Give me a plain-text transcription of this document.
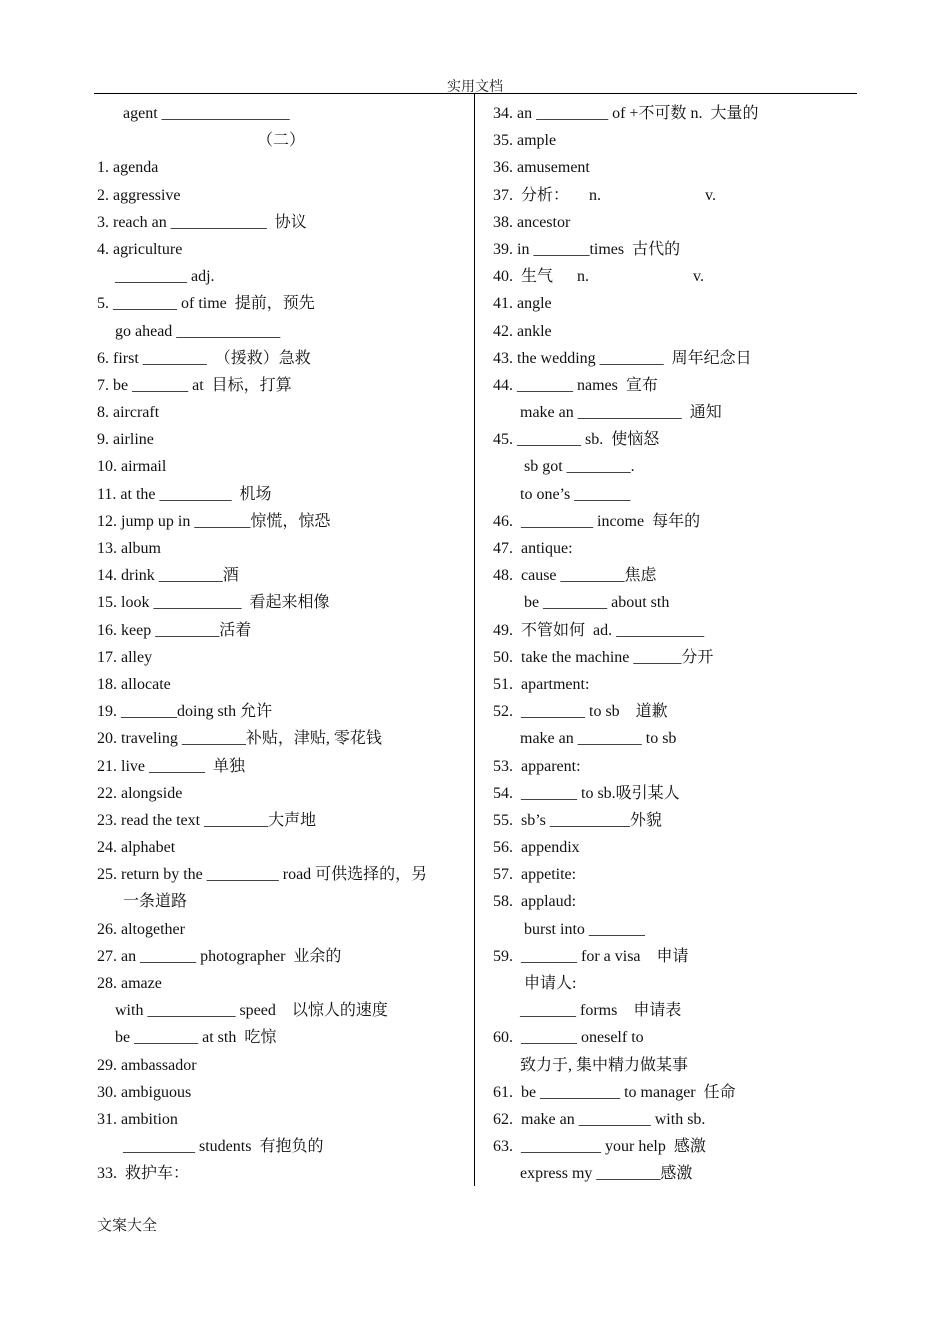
实用文档
agent ________________
（二）
1. agenda
2. aggressive
3. reach an ____________  协议
4. agriculture
_________ adj.
5. ________ of time  提前，预先
go ahead _____________
6. first ________  （援救）急救
7. be _______ at  目标，打算
8. aircraft
9. airline
10. airmail
11. at the _________  机场
12. jump up in _______惊慌，惊恐
13. album
14. drink ________酒
15. look ___________  看起来相像
16. keep ________活着
17. alley
18. allocate
19. _______doing sth 允许
20. traveling ________补贴，津贴, 零花钱
21. live _______  单独
22. alongside
23. read the text ________大声地
24. alphabet
25. return by the _________ road 可供选择的，另
一条道路
26. altogether
27. an _______ photographer  业余的
28. amaze
with ___________ speed    以惊人的速度
be ________ at sth  吃惊
29. ambassador
30. ambiguous
31. ambition
_________ students  有抱负的
33.  救护车：
34. an _________ of +不可数 n.  大量的
35. ample
36. amusement
37.  分析：     n.                          v.
38. ancestor
39. in _______times  古代的
40.  生气      n.                          v.
41. angle
42. ankle
43. the wedding ________  周年纪念日
44. _______ names  宣布
make an _____________  通知
45. ________ sb.  使恼怒
sb got ________.
to one’s _______
46.  _________ income  每年的
47.  antique:
48.  cause ________焦虑
be ________ about sth
49.  不管如何  ad. ___________
50.  take the machine ______分开
51.  apartment:
52.  ________ to sb    道歉
make an ________ to sb
53.  apparent:
54.  _______ to sb.吸引某人
55.  sb’s __________外貌
56.  appendix
57.  appetite:
58.  applaud:
burst into _______
59.  _______ for a visa    申请
申请人:
_______ forms    申请表
60.  _______ oneself to
致力于, 集中精力做某事
61.  be __________ to manager  任命
62.  make an _________ with sb.
63.  __________ your help  感激
express my ________感激
文案大全
